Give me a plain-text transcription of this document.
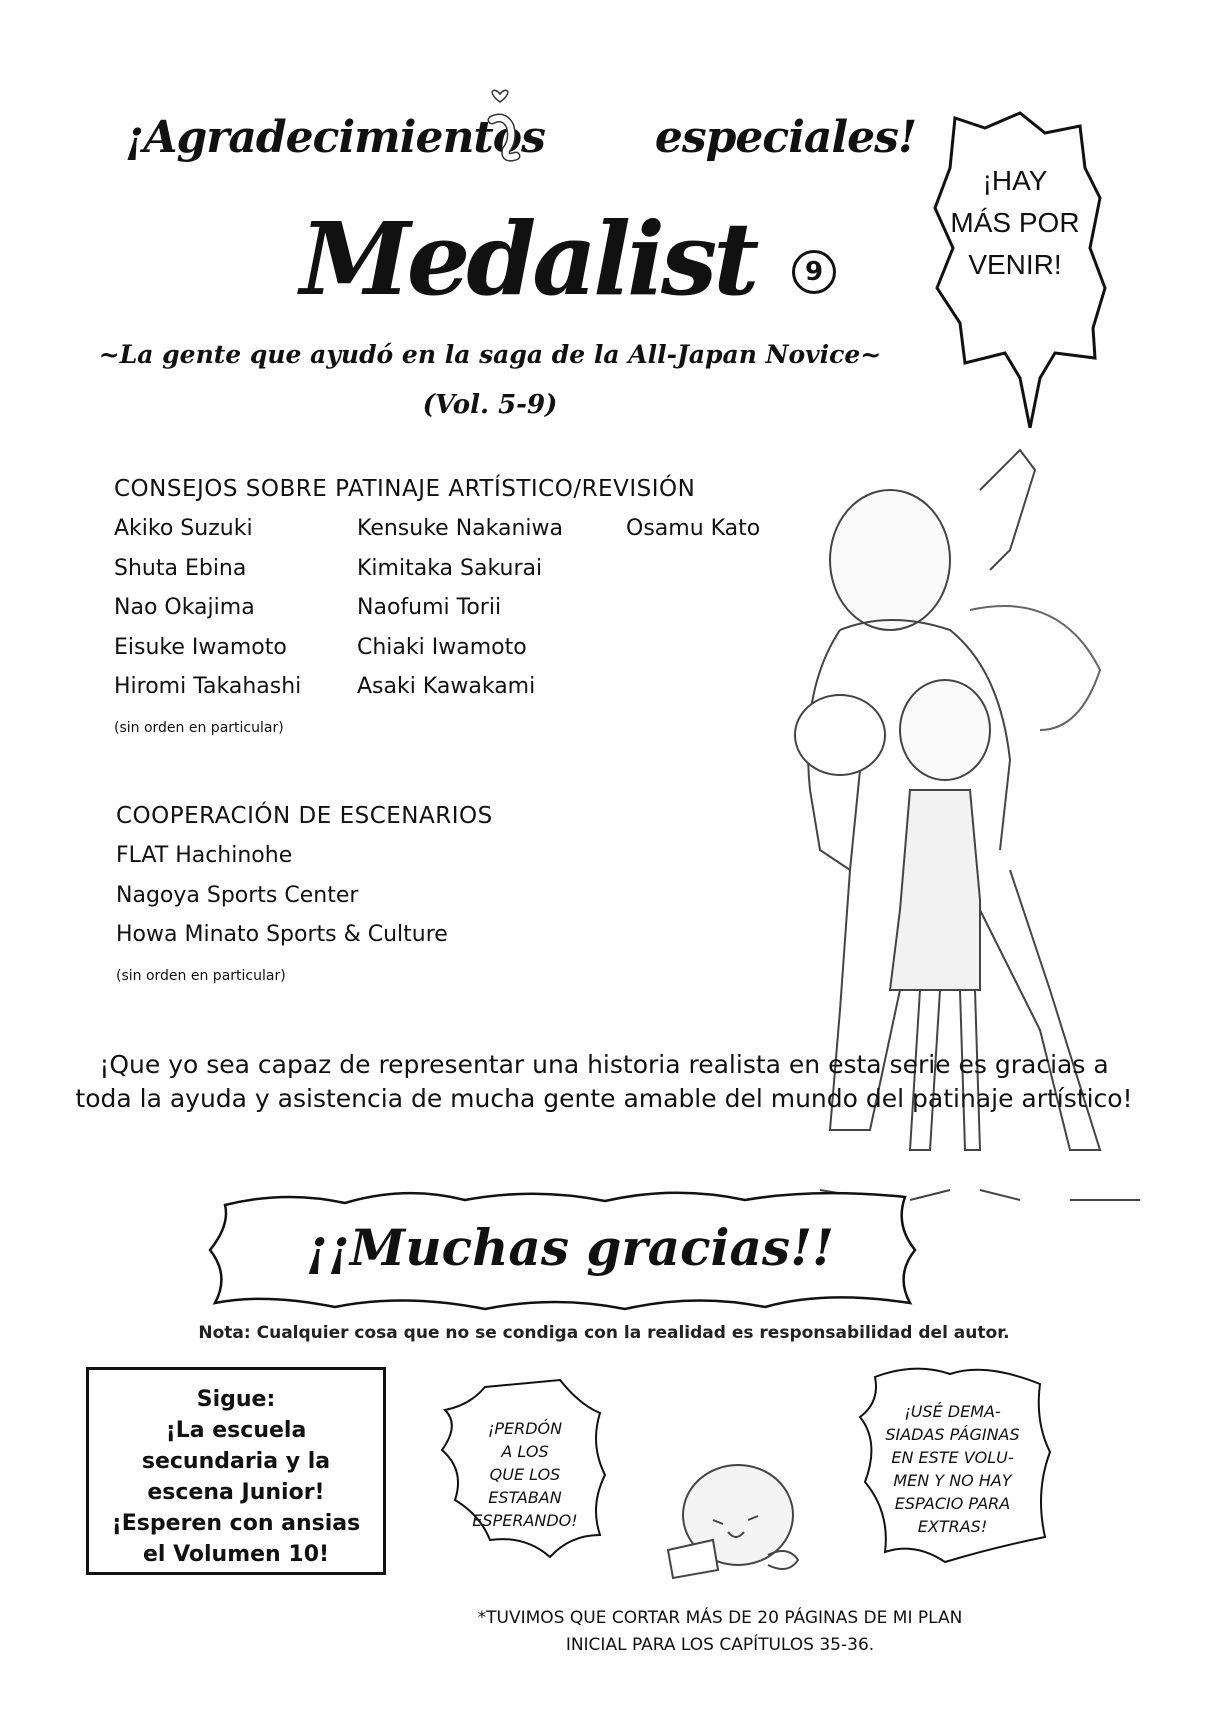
¡Agradecimientos	especiales!
Medalist	9
~La gente que ayudó en la saga de la All-Japan Novice~
(Vol. 5-9)
¡HAY
MÁS POR
VENIR!
CONSEJOS SOBRE PATINAJE ARTÍSTICO/REVISIÓN
Akiko Suzuki
Shuta Ebina
Nao Okajima
Eisuke Iwamoto
Hiromi Takahashi
Kensuke Nakaniwa
Kimitaka Sakurai
Naofumi Torii
Chiaki Iwamoto
Asaki Kawakami
Osamu Kato
(sin orden en particular)
COOPERACIÓN DE ESCENARIOS
FLAT Hachinohe
Nagoya Sports Center
Howa Minato Sports & Culture
(sin orden en particular)
¡Que yo sea capaz de representar una historia realista en esta serie es gracias a
toda la ayuda y asistencia de mucha gente amable del mundo del patinaje artístico!
¡¡Muchas gracias!!
Nota: Cualquier cosa que no se condiga con la realidad es responsabilidad del autor.
Sigue:
¡La escuela
secundaria y la
escena Junior!
¡Esperen con ansias
el Volumen 10!
¡PERDÓN
A LOS
QUE LOS
ESTABAN
ESPERANDO!
¡USÉ DEMA-
SIADAS PÁGINAS
EN ESTE VOLU-
MEN Y NO HAY
ESPACIO PARA
EXTRAS!
*TUVIMOS QUE CORTAR MÁS DE 20 PÁGINAS DE MI PLAN
INICIAL PARA LOS CAPÍTULOS 35-36.
